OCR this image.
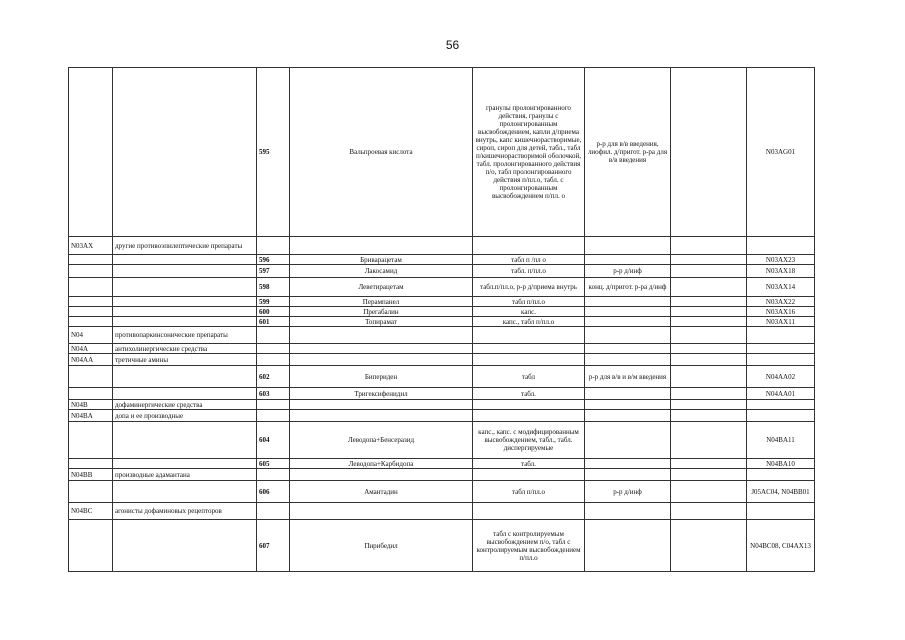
56
		595	Вальпроевая кислота	гранулы пролонгированного действия, гранулы с пролонгированным высвобождением, капли д/приема внутрь, капс кишечнорастворимые, сироп, сироп для детей, табл., табл п/кишечнорастворимой оболочкой, табл. пролонгированного действия п/о, табл пролонгированного действия п/пл.о, табл. с пролонгированным высвобождением п/пл. о	р-р для в/в введения, лиофил. д/пригот. р-ра для в/в введения		N03AG01
N03AX	другие противоэпилептические препараты						
		596	Бриварацетам	табл п /пл о			N03AX23
		597	Лакосамид	табл. п/пл.о	р-р д/инф		N03AX18
		598	Леветирацетам	табл.п/пл.о, р-р д/приема внутрь	конц. д/пригот. р-ра д/инф		N03AX14
		599	Перампанел	табл п/пл.о			N03AX22
		600	Прегабалин	капс.			N03AX16
		601	Топирамат	капс., табл п/пл.о			N03AX11
N04	противопаркинсонические препараты						
N04A	антихолинергические средства						
N04AA	третичные амины						
		602	Бипериден	табл	р-р для в/в и в/м введения		N04AA02
		603	Тригексифенидил	табл.			N04AA01
N04B	дофаминергические средства						
N04BA	допа и ее производные						
		604	Леводопа+Бенсеразид	капс., капс. с модифицированным высвобождением, табл., табл. диспергируемые			N04BA11
		605	Леводопа+Карбидопа	табл.			N04BA10
N04BB	производные адамантана						
		606	Амантадин	табл п/пл.о	р-р д/инф		J05AC04, N04BB01
N04BC	агонисты дофаминовых рецепторов						
		607	Пирибедил	табл с контролируемым высвобождением п/о, табл с контролируемым высвобождением п/пл.о			N04BC08, C04AX13
